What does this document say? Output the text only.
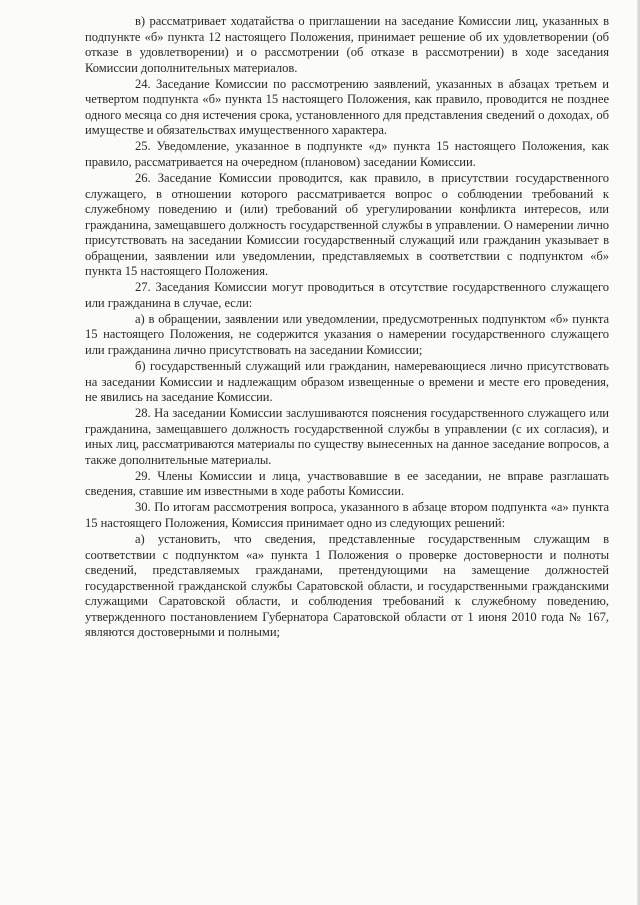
в) рассматривает ходатайства о приглашении на заседание Комиссии лиц, указанных в подпункте «б» пункта 12 настоящего Положения, принимает решение об их удовлетворении (об отказе в удовлетворении) и о рассмотрении (об отказе в рассмотрении) в ходе заседания Комиссии дополнительных материалов.

24. Заседание Комиссии по рассмотрению заявлений, указанных в абзацах третьем и четвертом подпункта «б» пункта 15 настоящего Положения, как правило, проводится не позднее одного месяца со дня истечения срока, установленного для представления сведений о доходах, об имуществе и обязательствах имущественного характера.

25. Уведомление, указанное в подпункте «д» пункта 15 настоящего Положения, как правило, рассматривается на очередном (плановом) заседании Комиссии.

26. Заседание Комиссии проводится, как правило, в присутствии государственного служащего, в отношении которого рассматривается вопрос о соблюдении требований к служебному поведению и (или) требований об урегулировании конфликта интересов, или гражданина, замещавшего должность государственной службы в управлении. О намерении лично присутствовать на заседании Комиссии государственный служащий или гражданин указывает в обращении, заявлении или уведомлении, представляемых в соответствии с подпунктом «б» пункта 15 настоящего Положения.

27. Заседания Комиссии могут проводиться в отсутствие государственного служащего или гражданина в случае, если:

а) в обращении, заявлении или уведомлении, предусмотренных подпунктом «б» пункта 15 настоящего Положения, не содержится указания о намерении государственного служащего или гражданина лично присутствовать на заседании Комиссии;

б) государственный служащий или гражданин, намеревающиеся лично присутствовать на заседании Комиссии и надлежащим образом извещенные о времени и месте его проведения, не явились на заседание Комиссии.

28. На заседании Комиссии заслушиваются пояснения государственного служащего или гражданина, замещавшего должность государственной службы в управлении (с их согласия), и иных лиц, рассматриваются материалы по существу вынесенных на данное заседание вопросов, а также дополнительные материалы.

29. Члены Комиссии и лица, участвовавшие в ее заседании, не вправе разглашать сведения, ставшие им известными в ходе работы Комиссии.

30. По итогам рассмотрения вопроса, указанного в абзаце втором подпункта «а» пункта 15 настоящего Положения, Комиссия принимает одно из следующих решений:

а) установить, что сведения, представленные государственным служащим в соответствии с подпунктом «а» пункта 1 Положения о проверке достоверности и полноты сведений, представляемых гражданами, претендующими на замещение должностей государственной гражданской службы Саратовской области, и государственными гражданскими служащими Саратовской области, и соблюдения требований к служебному поведению, утвержденного постановлением Губернатора Саратовской области от 1 июня 2010 года № 167, являются достоверными и полными;
